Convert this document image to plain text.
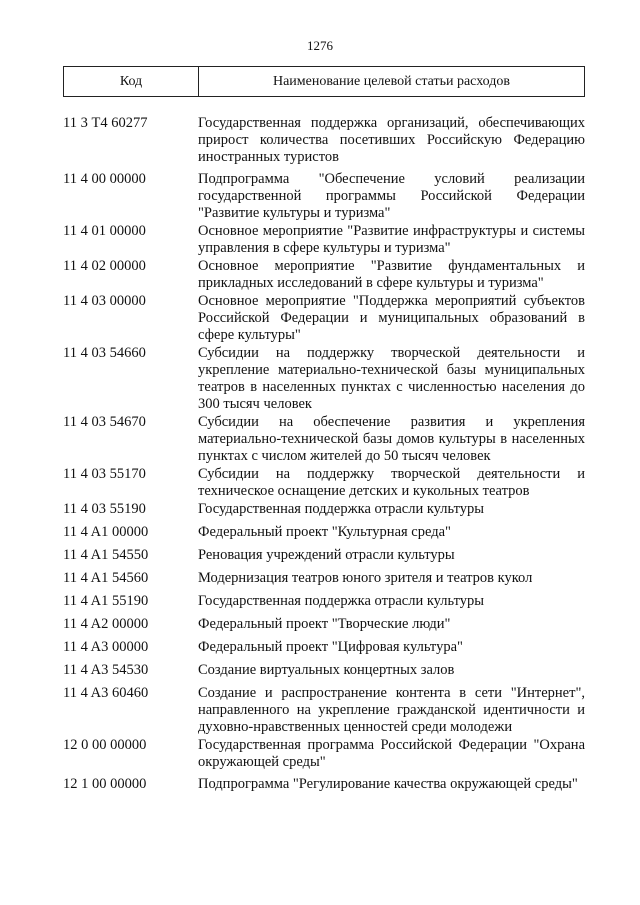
1276
Код	Наименование целевой статьи расходов
11 3 Т4 60277	Государственная поддержка организаций, обеспечивающих прирост количества посетивших Российскую Федерацию иностранных туристов
11 4 00 00000	Подпрограмма "Обеспечение условий реализации государственной программы Российской Федерации "Развитие культуры и туризма"
11 4 01 00000	Основное мероприятие "Развитие инфраструктуры и системы управления в сфере культуры и туризма"
11 4 02 00000	Основное мероприятие "Развитие фундаментальных и прикладных исследований в сфере культуры и туризма"
11 4 03 00000	Основное мероприятие "Поддержка мероприятий субъектов Российской Федерации и муниципальных образований в сфере культуры"
11 4 03 54660	Субсидии на поддержку творческой деятельности и укрепление материально-технической базы муниципальных театров в населенных пунктах с численностью населения до 300 тысяч человек
11 4 03 54670	Субсидии на обеспечение развития и укрепления материально-технической базы домов культуры в населенных пунктах с числом жителей до 50 тысяч человек
11 4 03 55170	Субсидии на поддержку творческой деятельности и техническое оснащение детских и кукольных театров
11 4 03 55190	Государственная поддержка отрасли культуры
11 4 A1 00000	Федеральный проект "Культурная среда"
11 4 A1 54550	Реновация учреждений отрасли культуры
11 4 A1 54560	Модернизация театров юного зрителя и театров кукол
11 4 A1 55190	Государственная поддержка отрасли культуры
11 4 A2 00000	Федеральный проект "Творческие люди"
11 4 A3 00000	Федеральный проект "Цифровая культура"
11 4 A3 54530	Создание виртуальных концертных залов
11 4 A3 60460	Создание и распространение контента в сети "Интернет", направленного на укрепление гражданской идентичности и духовно-нравственных ценностей среди молодежи
12 0 00 00000	Государственная программа Российской Федерации "Охрана окружающей среды"
12 1 00 00000	Подпрограмма "Регулирование качества окружающей среды"
